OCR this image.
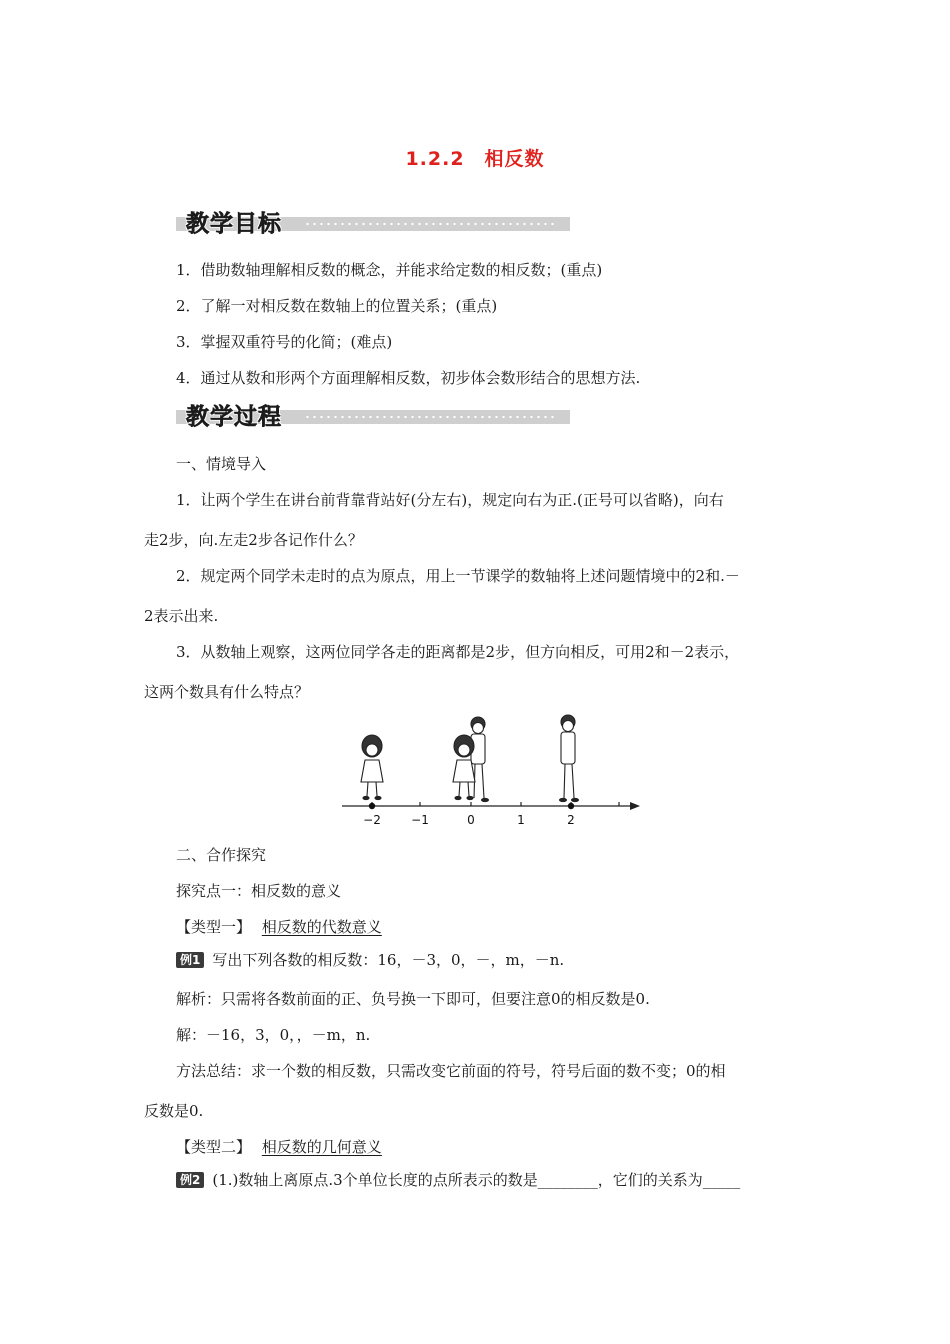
1.2.2　相反数
教学目标
1．借助数轴理解相反数的概念，并能求给定数的相反数；(重点)
2．了解一对相反数在数轴上的位置关系；(重点)
3．掌握双重符号的化简；(难点)
4．通过从数和形两个方面理解相反数，初步体会数形结合的思想方法.
教学过程
一、情境导入
1．让两个学生在讲台前背靠背站好(分左右)，规定向右为正.(正号可以省略)，向右
走2步，向.左走2步各记作什么？
2．规定两个同学未走时的点为原点，用上一节课学的数轴将上述问题情境中的2和.－
2表示出来.
3．从数轴上观察，这两位同学各走的距离都是2步，但方向相反，可用2和－2表示，
这两个数具有什么特点？
−2	−1	0	1	2
二、合作探究
探究点一：相反数的意义
【类型一】 相反数的代数意义
例1 写出下列各数的相反数：16，－3，0，－，m，－n.
解析：只需将各数前面的正、负号换一下即可，但要注意0的相反数是0.
解：－16，3，0，，－m，n.
方法总结：求一个数的相反数，只需改变它前面的符号，符号后面的数不变；0的相
反数是0.
【类型二】 相反数的几何意义
例2 (1.)数轴上离原点.3个单位长度的点所表示的数是________，它们的关系为_____
